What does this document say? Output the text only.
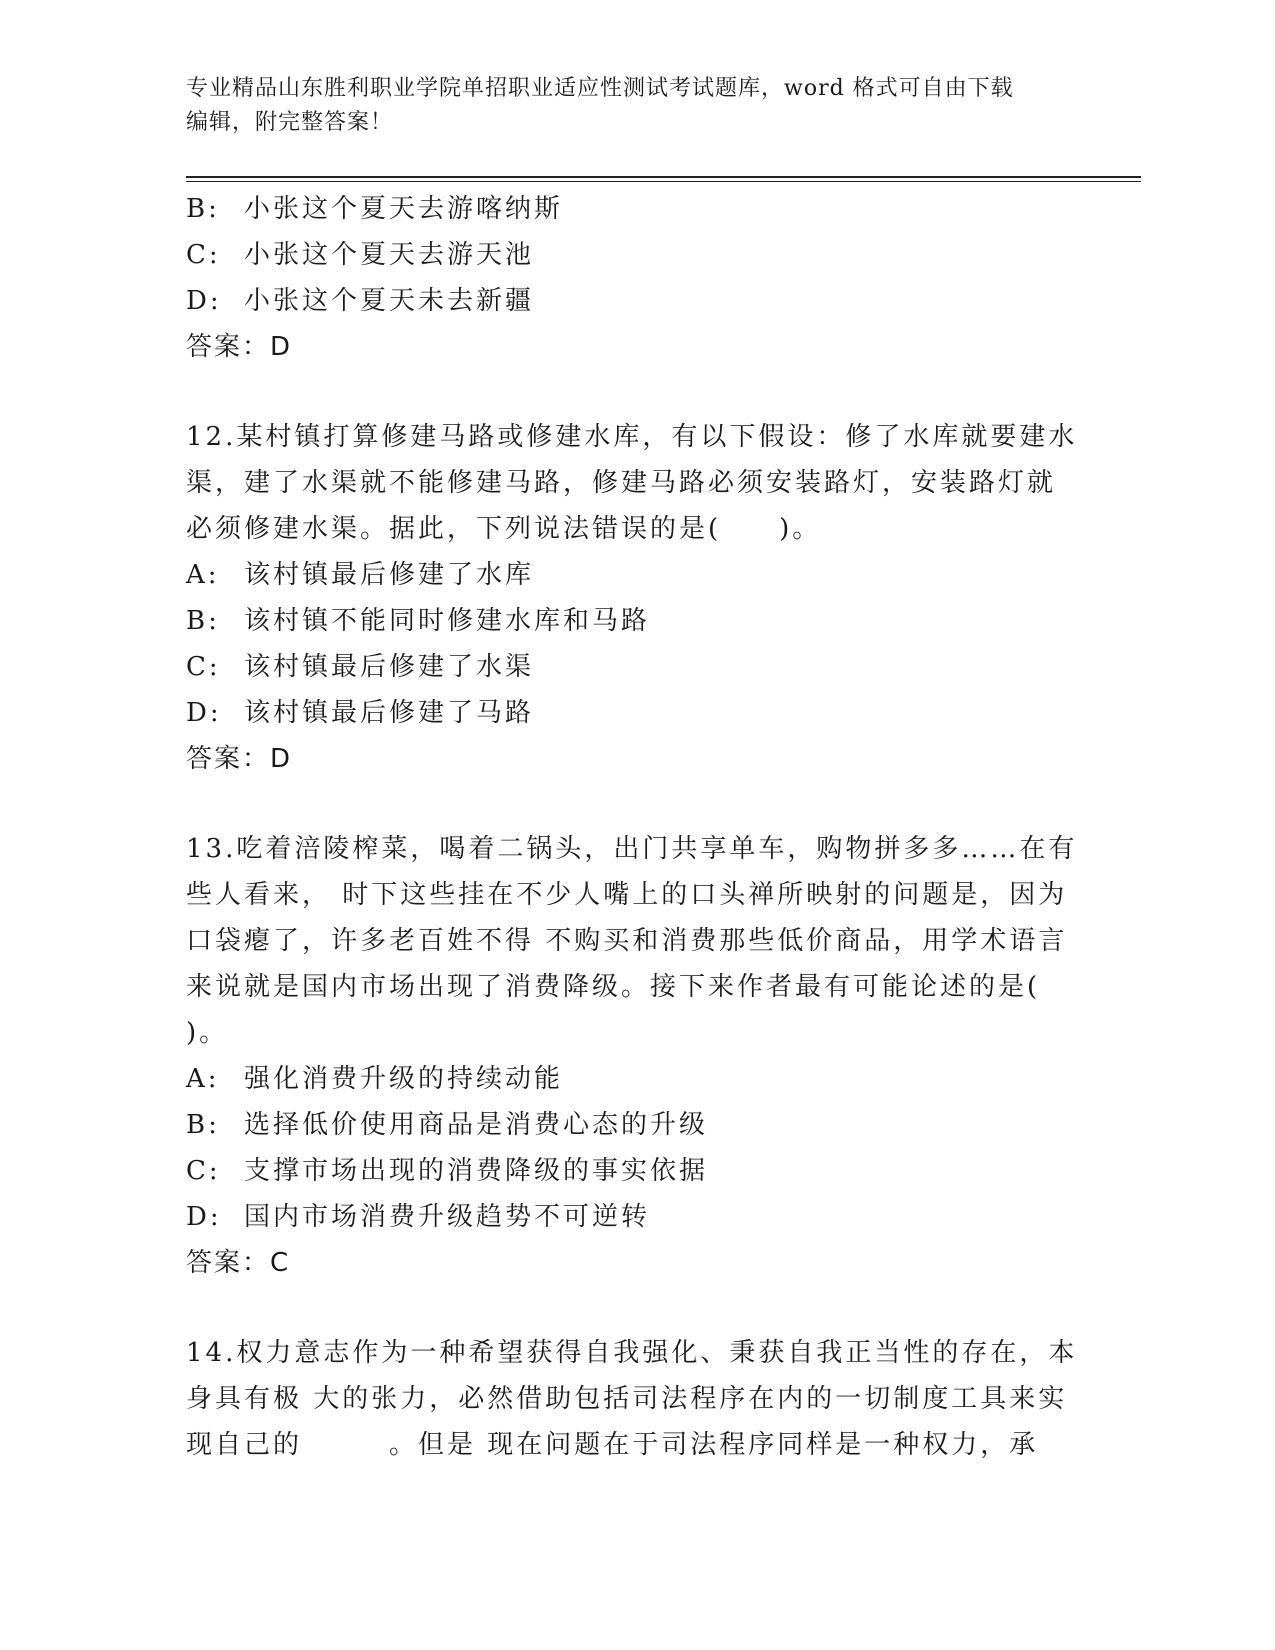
专业精品山东胜利职业学院单招职业适应性测试考试题库，word 格式可自由下载
编辑，附完整答案！
B: 小张这个夏天去游喀纳斯
C: 小张这个夏天去游天池
D: 小张这个夏天未去新疆
答案：D
12.某村镇打算修建马路或修建水库，有以下假设：修了水库就要建水
渠，建了水渠就不能修建马路，修建马路必须安装路灯，安装路灯就
必须修建水渠。据此，下列说法错误的是(　　)。
A: 该村镇最后修建了水库
B: 该村镇不能同时修建水库和马路
C: 该村镇最后修建了水渠
D: 该村镇最后修建了马路
答案：D
13.吃着涪陵榨菜，喝着二锅头，出门共享单车，购物拼多多……在有
些人看来， 时下这些挂在不少人嘴上的口头禅所映射的问题是，因为
口袋瘪了，许多老百姓不得 不购买和消费那些低价商品，用学术语言
来说就是国内市场出现了消费降级。接下来作者最有可能论述的是(
)。
A: 强化消费升级的持续动能
B: 选择低价使用商品是消费心态的升级
C: 支撑市场出现的消费降级的事实依据
D: 国内市场消费升级趋势不可逆转
答案：C
14.权力意志作为一种希望获得自我强化、秉获自我正当性的存在，本
身具有极 大的张力，必然借助包括司法程序在内的一切制度工具来实
现自己的　　　。但是 现在问题在于司法程序同样是一种权力，承
